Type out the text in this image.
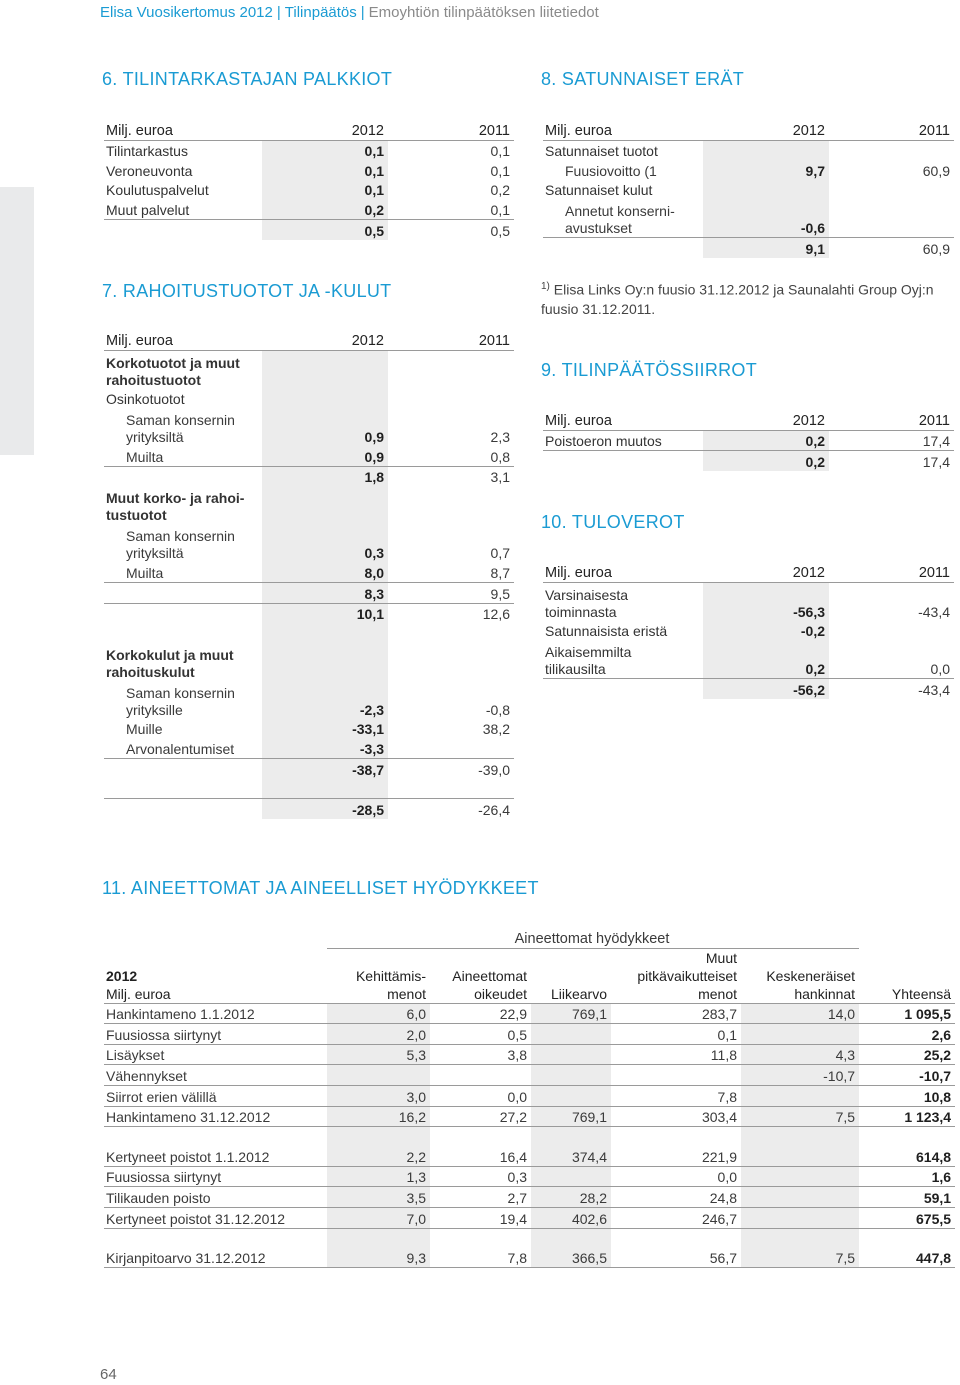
Elisa Vuosikertomus 2012 | Tilinpäätös | Emoyhtiön tilinpäätöksen liitetiedot
6. TILINTARKASTAJAN PALKKIOT
Milj. euroa	2012	2011
Tilintarkastus	0,1	0,1
Veroneuvonta	0,1	0,1
Koulutuspalvelut	0,1	0,2
Muut palvelut	0,2	0,1
	0,5	0,5
7. RAHOITUSTUOTOT JA -KULUT
Milj. euroa	2012	2011

Korkotuotot ja muut rahoitustuotot		

Osinkotuotot		

Saman konsernin yrityksiltä	0,9	2,3
Muilta	0,9	0,8
	1,8	3,1

Muut korko- ja rahoi- tustuotot		

Saman konsernin yrityksiltä	0,3	0,7
Muilta	8,0	8,7
	8,3	9,5
	10,1	12,6

Korkokulut ja muut rahoituskulut		

Saman konsernin yrityksille	-2,3	-0,8
Muille	-33,1	38,2
Arvonalentumiset	-3,3	
	-38,7	-39,0

	-28,5	-26,4
8. SATUNNAISET ERÄT
Milj. euroa	2012	2011
Satunnaiset tuotot		
Fuusiovoitto (1	9,7	60,9
Satunnaiset kulut		

Annetut konserni- avustukset	-0,6	
	9,1	60,9
$^{1)}$ Elisa Links Oy:n fuusio 31.12.2012 ja Saunalahti Group Oyj:n fuusio 31.12.2011.
9. TILINPÄÄTÖSSIIRROT
Milj. euroa	2012	2011
Poistoeron muutos	0,2	17,4
	0,2	17,4
10. TULOVEROT
Milj. euroa	2012	2011

Varsinaisesta toiminnasta	-56,3	-43,4
Satunnaisista eristä	-0,2	

Aikaisemmilta tilikausilta	0,2	0,0
	-56,2	-43,4
11. AINEETTOMAT JA AINEELLISET HYÖDYKKEET
	Aineettomat hyödykkeet					

2012
Milj. euroa	Kehittämis- menot	Aineettomat oikeudet	Liikearvo	Muut pitkävaikutteiset menot	Keskeneräiset hankinnat	Yhteensä
Hankintameno 1.1.2012	6,0	22,9	769,1	283,7	14,0	1 095,5
Fuusiossa siirtynyt	2,0	0,5		0,1		2,6
Lisäykset	5,3	3,8		11,8	4,3	25,2
Vähennykset					-10,7	-10,7
Siirrot erien välillä	3,0	0,0		7,8		10,8
Hankintameno 31.12.2012	16,2	27,2	769,1	303,4	7,5	1 123,4

Kertyneet poistot 1.1.2012	2,2	16,4	374,4	221,9		614,8
Fuusiossa siirtynyt	1,3	0,3		0,0		1,6
Tilikauden poisto	3,5	2,7	28,2	24,8		59,1
Kertyneet poistot 31.12.2012	7,0	19,4	402,6	246,7		675,5

Kirjanpitoarvo 31.12.2012	9,3	7,8	366,5	56,7	7,5	447,8
64
